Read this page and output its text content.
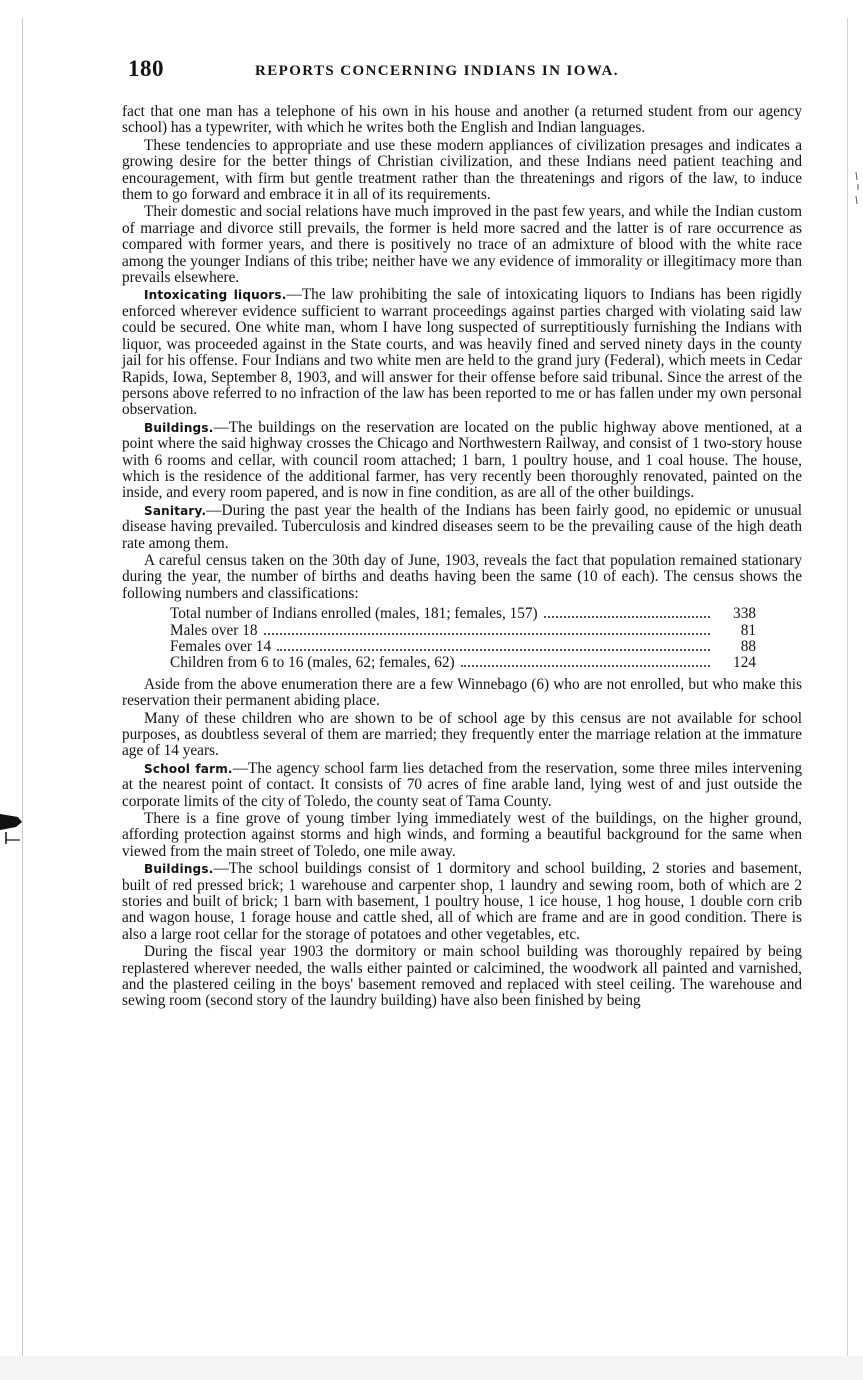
180	REPORTS CONCERNING INDIANS IN IOWA.

fact that one man has a telephone of his own in his house and another (a returned student from our agency school) has a typewriter, with which he writes both the English and Indian languages.

These tendencies to appropriate and use these modern appliances of civilization presages and indicates a growing desire for the better things of Christian civilization, and these Indians need patient teaching and encouragement, with firm but gentle treatment rather than the threatenings and rigors of the law, to induce them to go forward and embrace it in all of its requirements.

Their domestic and social relations have much improved in the past few years, and while the Indian custom of marriage and divorce still prevails, the former is held more sacred and the latter is of rare occurrence as compared with former years, and there is positively no trace of an admixture of blood with the white race among the younger Indians of this tribe; neither have we any evidence of immorality or illegitimacy more than prevails elsewhere.

Intoxicating liquors.—The law prohibiting the sale of intoxicating liquors to Indians has been rigidly enforced wherever evidence sufficient to warrant proceedings against parties charged with violating said law could be secured. One white man, whom I have long suspected of surreptitiously furnishing the Indians with liquor, was proceeded against in the State courts, and was heavily fined and served ninety days in the county jail for his offense. Four Indians and two white men are held to the grand jury (Federal), which meets in Cedar Rapids, Iowa, September 8, 1903, and will answer for their offense before said tribunal. Since the arrest of the persons above referred to no infraction of the law has been reported to me or has fallen under my own personal observation.

Buildings.—The buildings on the reservation are located on the public highway above mentioned, at a point where the said highway crosses the Chicago and Northwestern Railway, and consist of 1 two-story house with 6 rooms and cellar, with council room attached; 1 barn, 1 poultry house, and 1 coal house. The house, which is the residence of the additional farmer, has very recently been thoroughly renovated, painted on the inside, and every room papered, and is now in fine condition, as are all of the other buildings.

Sanitary.—During the past year the health of the Indians has been fairly good, no epidemic or unusual disease having prevailed. Tuberculosis and kindred diseases seem to be the prevailing cause of the high death rate among them.

A careful census taken on the 30th day of June, 1903, reveals the fact that population remained stationary during the year, the number of births and deaths having been the same (10 of each). The census shows the following numbers and classifications:

Total number of Indians enrolled (males, 181; females, 157)	338
Males over 18	81
Females over 14	88
Children from 6 to 16 (males, 62; females, 62)	124

Aside from the above enumeration there are a few Winnebago (6) who are not enrolled, but who make this reservation their permanent abiding place.

Many of these children who are shown to be of school age by this census are not available for school purposes, as doubtless several of them are married; they frequently enter the marriage relation at the immature age of 14 years.

School farm.—The agency school farm lies detached from the reservation, some three miles intervening at the nearest point of contact. It consists of 70 acres of fine arable land, lying west of and just outside the corporate limits of the city of Toledo, the county seat of Tama County.

There is a fine grove of young timber lying immediately west of the buildings, on the higher ground, affording protection against storms and high winds, and forming a beautiful background for the same when viewed from the main street of Toledo, one mile away.

Buildings.—The school buildings consist of 1 dormitory and school building, 2 stories and basement, built of red pressed brick; 1 warehouse and carpenter shop, 1 laundry and sewing room, both of which are 2 stories and built of brick; 1 barn with basement, 1 poultry house, 1 ice house, 1 hog house, 1 double corn crib and wagon house, 1 forage house and cattle shed, all of which are frame and are in good condition. There is also a large root cellar for the storage of potatoes and other vegetables, etc.

During the fiscal year 1903 the dormitory or main school building was thoroughly repaired by being replastered wherever needed, the walls either painted or calcimined, the woodwork all painted and varnished, and the plastered ceiling in the boys' basement removed and replaced with steel ceiling. The warehouse and sewing room (second story of the laundry building) have also been finished by being
